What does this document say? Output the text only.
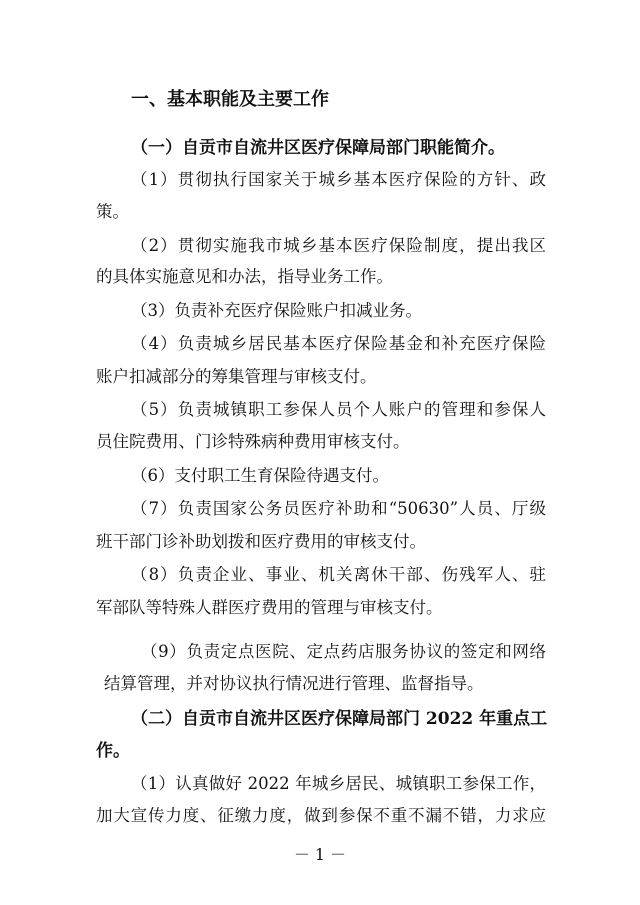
一、基本职能及主要工作
（一）自贡市自流井区医疗保障局部门职能简介。
（1）贯彻执行国家关于城乡基本医疗保险的方针、政
策。
（2）贯彻实施我市城乡基本医疗保险制度，提出我区
的具体实施意见和办法，指导业务工作。
（3）负责补充医疗保险账户扣减业务。
（4）负责城乡居民基本医疗保险基金和补充医疗保险
账户扣减部分的筹集管理与审核支付。
（5）负责城镇职工参保人员个人账户的管理和参保人
员住院费用、门诊特殊病种费用审核支付。
（6）支付职工生育保险待遇支付。
（7）负责国家公务员医疗补助和“50630”人员、厅级
班干部门诊补助划拨和医疗费用的审核支付。
（8）负责企业、事业、机关离休干部、伤残军人、驻
军部队等特殊人群医疗费用的管理与审核支付。
（9）负责定点医院、定点药店服务协议的签定和网络
结算管理，并对协议执行情况进行管理、监督指导。
（二）自贡市自流井区医疗保障局部门 2022 年重点工
作。
（1）认真做好 2022 年城乡居民、城镇职工参保工作，
加大宣传力度、征缴力度，做到参保不重不漏不错，力求应
－ 1 －
